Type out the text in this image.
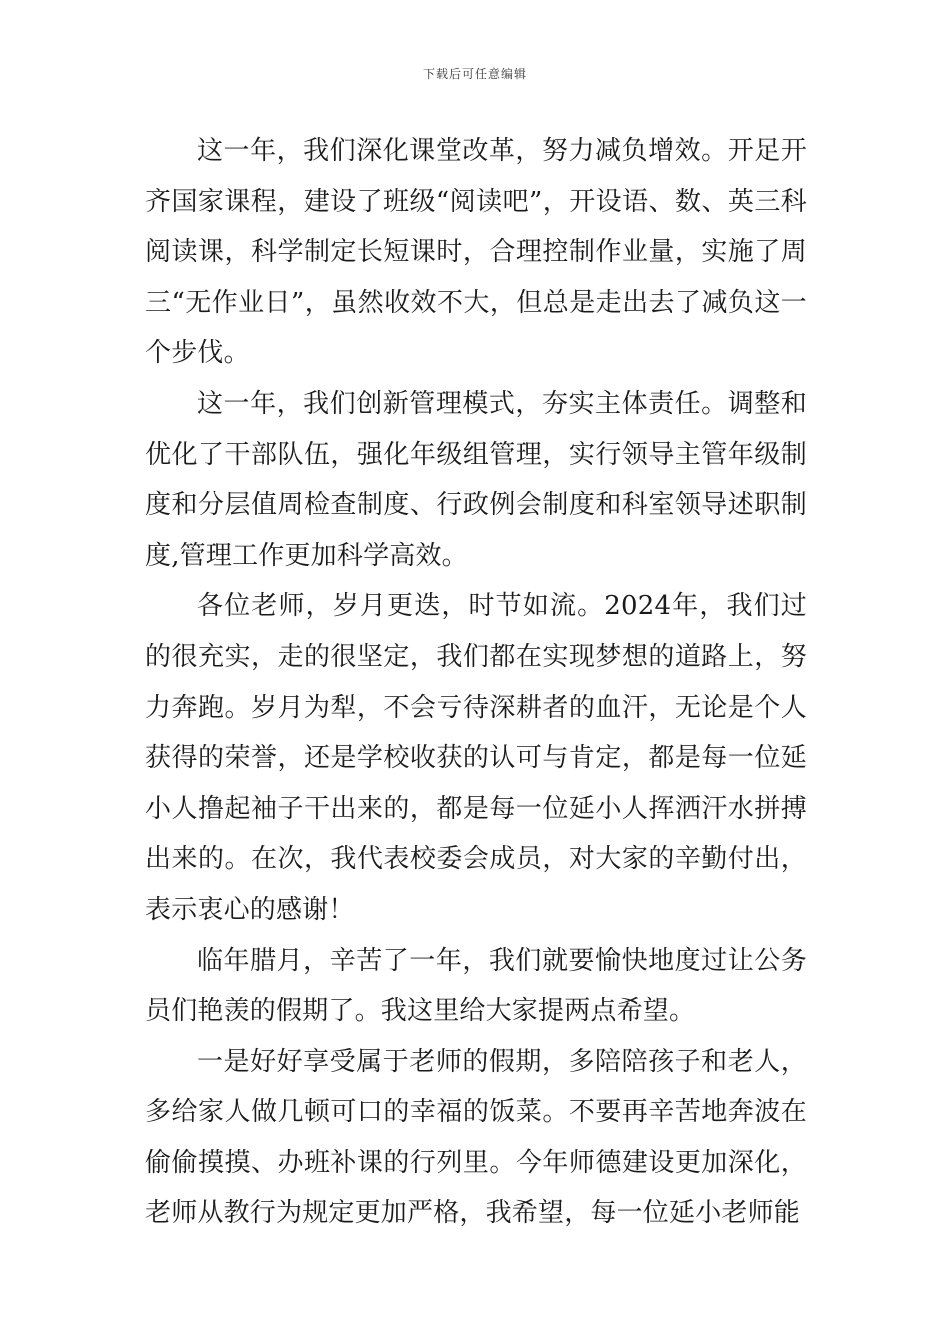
下载后可任意编辑

这一年，我们深化课堂改革，努力减负增效。开足开齐国家课程，建设了班级“阅读吧”，开设语、数、英三科阅读课，科学制定长短课时，合理控制作业量，实施了周三“无作业日”，虽然收效不大，但总是走出去了减负这一个步伐。

这一年，我们创新管理模式，夯实主体责任。调整和优化了干部队伍，强化年级组管理，实行领导主管年级制度和分层值周检查制度、行政例会制度和科室领导述职制度,管理工作更加科学高效。

各位老师，岁月更迭，时节如流。2024年，我们过的很充实，走的很坚定，我们都在实现梦想的道路上，努力奔跑。岁月为犁，不会亏待深耕者的血汗，无论是个人获得的荣誉，还是学校收获的认可与肯定，都是每一位延小人撸起袖子干出来的，都是每一位延小人挥洒汗水拼搏出来的。在次，我代表校委会成员，对大家的辛勤付出，表示衷心的感谢！

临年腊月，辛苦了一年，我们就要愉快地度过让公务员们艳羡的假期了。我这里给大家提两点希望。

一是好好享受属于老师的假期，多陪陪孩子和老人，多给家人做几顿可口的幸福的饭菜。不要再辛苦地奔波在偷偷摸摸、办班补课的行列里。今年师德建设更加深化，老师从教行为规定更加严格，我希望，每一位延小老师能
